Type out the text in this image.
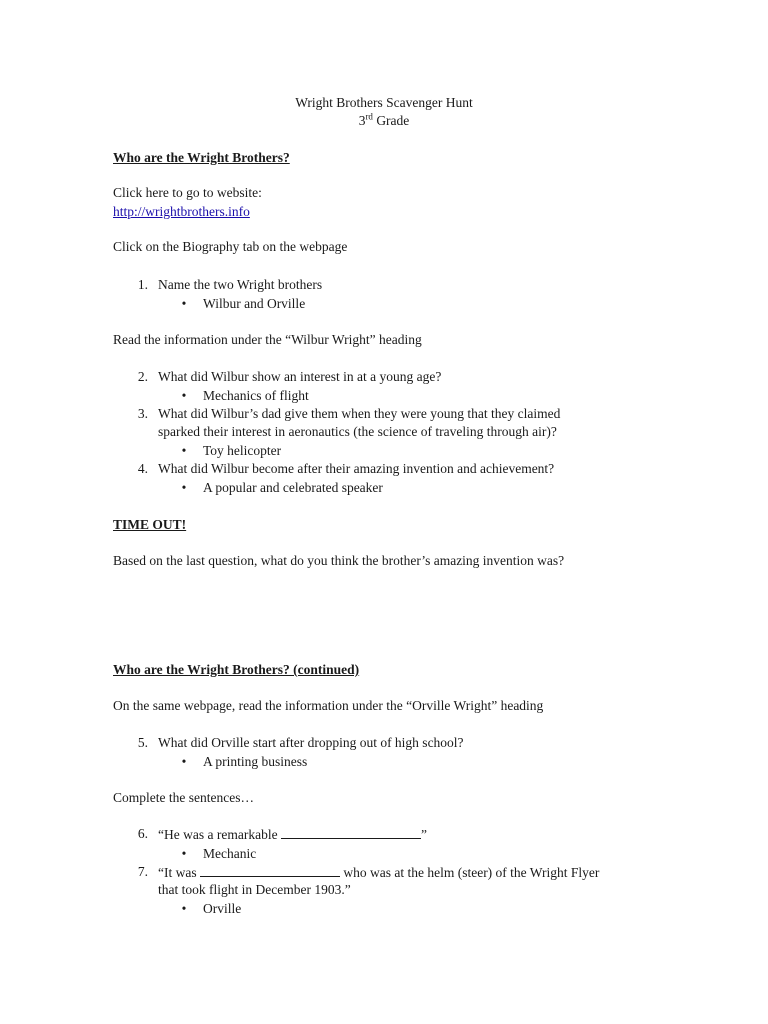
Wright Brothers Scavenger Hunt
3rd Grade
Who are the Wright Brothers?
Click here to go to website:
http://wrightbrothers.info
Click on the Biography tab on the webpage
1. Name the two Wright brothers
• Wilbur and Orville
Read the information under the “Wilbur Wright” heading
2. What did Wilbur show an interest in at a young age?
• Mechanics of flight
3. What did Wilbur’s dad give them when they were young that they claimed
sparked their interest in aeronautics (the science of traveling through air)?
• Toy helicopter
4. What did Wilbur become after their amazing invention and achievement?
• A popular and celebrated speaker
TIME OUT!
Based on the last question, what do you think the brother’s amazing invention was?
Who are the Wright Brothers? (continued)
On the same webpage, read the information under the “Orville Wright” heading
5. What did Orville start after dropping out of high school?
• A printing business
Complete the sentences…
6. “He was a remarkable	”
• Mechanic
7. “It was	who was at the helm (steer) of the Wright Flyer
that took flight in December 1903.”
• Orville
